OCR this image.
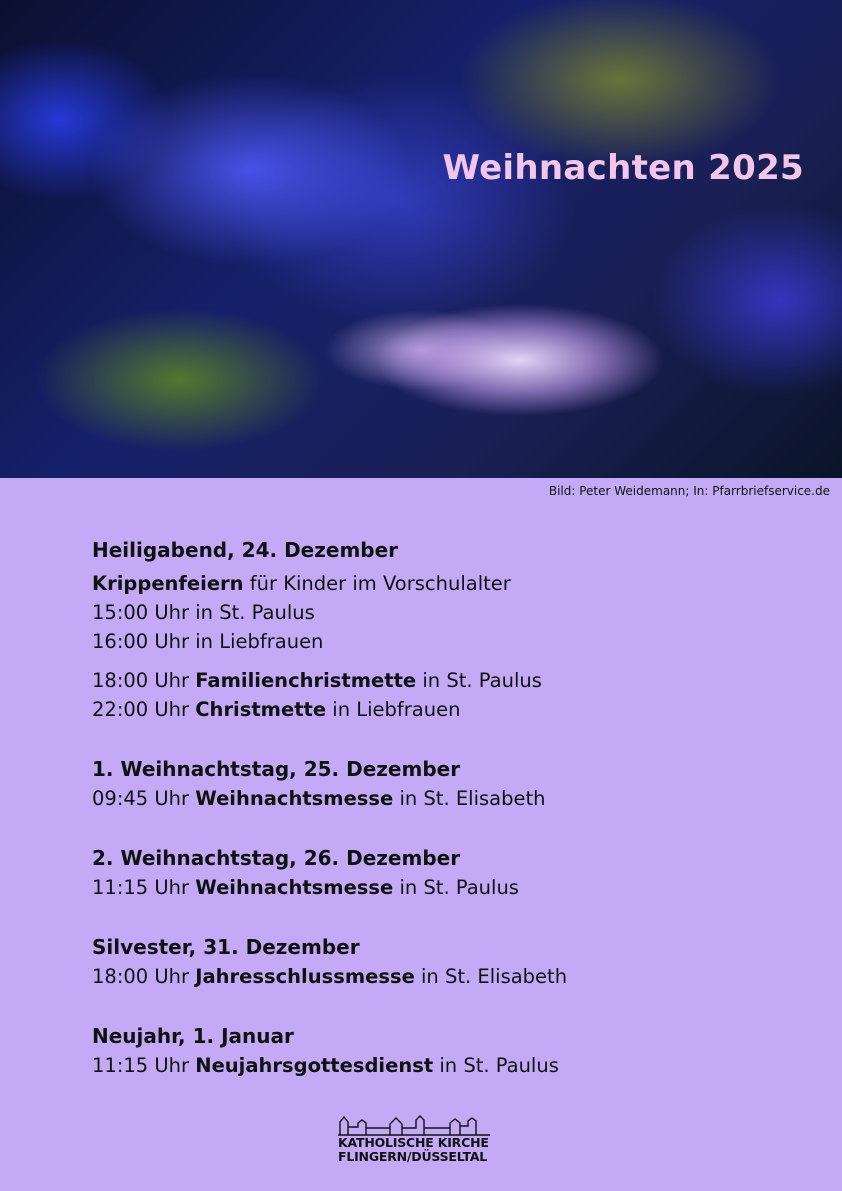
Weihnachten 2025
Bild: Peter Weidemann; In: Pfarrbriefservice.de

Heiligabend, 24. Dezember

Krippenfeiern für Kinder im Vorschulalter

15:00 Uhr in St. Paulus

16:00 Uhr in Liebfrauen

18:00 Uhr Familienchristmette in St. Paulus

22:00 Uhr Christmette in Liebfrauen

1. Weihnachtstag, 25. Dezember

09:45 Uhr Weihnachtsmesse in St. Elisabeth

2. Weihnachtstag, 26. Dezember

11:15 Uhr Weihnachtsmesse in St. Paulus

Silvester, 31. Dezember

18:00 Uhr Jahresschlussmesse in St. Elisabeth

Neujahr, 1. Januar

11:15 Uhr Neujahrsgottesdienst in St. Paulus

KATHOLISCHE KIRCHE
FLINGERN/DÜSSELTAL
